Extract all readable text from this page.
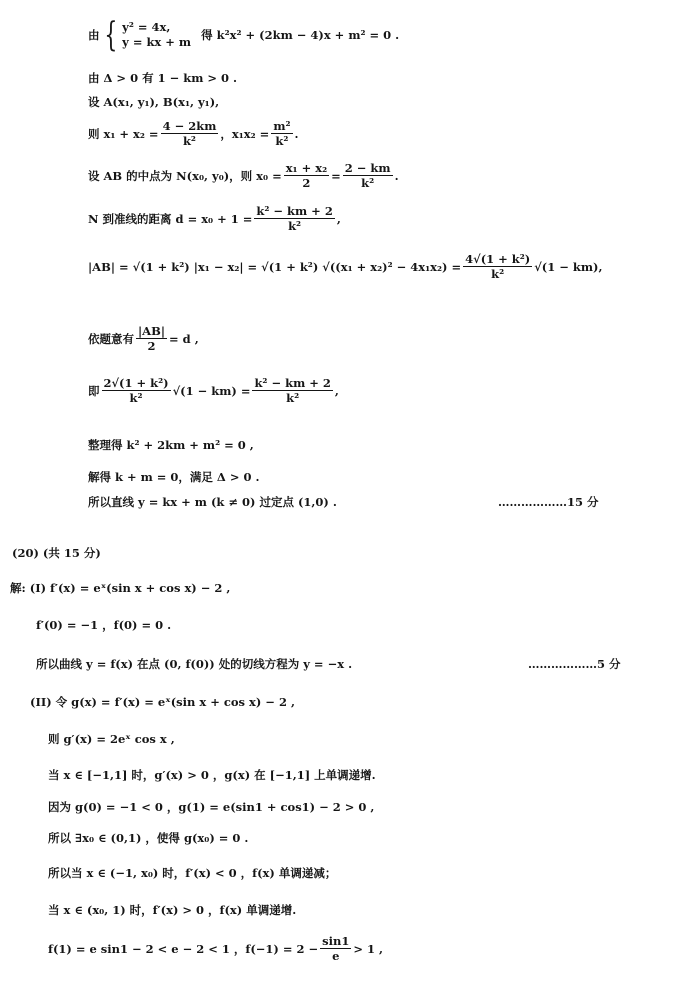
由 { y² = 4x,
y = kx + m 得 k²x² + (2km − 4)x + m² = 0 .
由 Δ > 0 有 1 − km > 0 .
设 A(x₁, y₁), B(x₁, y₁),
则 $x_1 + x_2 = \frac{4 - 2km}{\text{k²}}$ ，$x_1x_2 = \frac{\text{m²}}{\text{k²}}$ .
设 AB 的中点为 N(x₀, y₀)，则 $x_0 = \frac{\text{x₁ + x₂}}{2} = \frac{2 - km}{\text{k²}}$ .
N 到准线的距离 $d = x_0 + 1 = \frac{\text{k² − km + 2}}{\text{k²}}$ ,
|AB| = √(1 + k²) |x₁ − x₂| = √(1 + k²) $√((x_1 + x_2)^2 - 4x_1x_2) = \frac{\text{4√(1 + k²)}}{\text{k²}} √(1 - km)$,
依题意有 $\frac{|AB|}{2} = d$ ,
即 $\frac{\text{2√(1 + k²)}}{\text{k²}} √(1 - km) = \frac{\text{k² − km + 2}}{\text{k²}}$ ,
整理得 k² + 2km + m² = 0 ,
解得 k + m = 0，满足 Δ > 0 .
所以直线 y = kx + m (k ≠ 0) 过定点 (1,0) .	………………15 分
(20) (共 15 分)
解: (I) f′(x) = eˣ(sin x + cos x) − 2 ,
f′(0) = −1 ，f(0) = 0 .
所以曲线 y = f(x) 在点 (0, f(0)) 处的切线方程为 y = −x .	………………5 分
(II) 令 g(x) = f′(x) = eˣ(sin x + cos x) − 2 ,
则 g′(x) = 2eˣ cos x ,
当 x ∈ [−1,1] 时，g′(x) > 0 ，g(x) 在 [−1,1] 上单调递增.
因为 g(0) = −1 < 0 ，g(1) = e(sin1 + cos1) − 2 > 0 ,
所以 ∃x₀ ∈ (0,1) ，使得 g(x₀) = 0 .
所以当 x ∈ (−1, x₀) 时，f′(x) < 0 ，f(x) 单调递减；
当 x ∈ (x₀, 1) 时，f′(x) > 0 ，f(x) 单调递增.
f(1) = e sin1 − 2 < e − 2 < 1 ，$f(-1) = 2 - \frac{\sin 1}{e} > 1$ ,
